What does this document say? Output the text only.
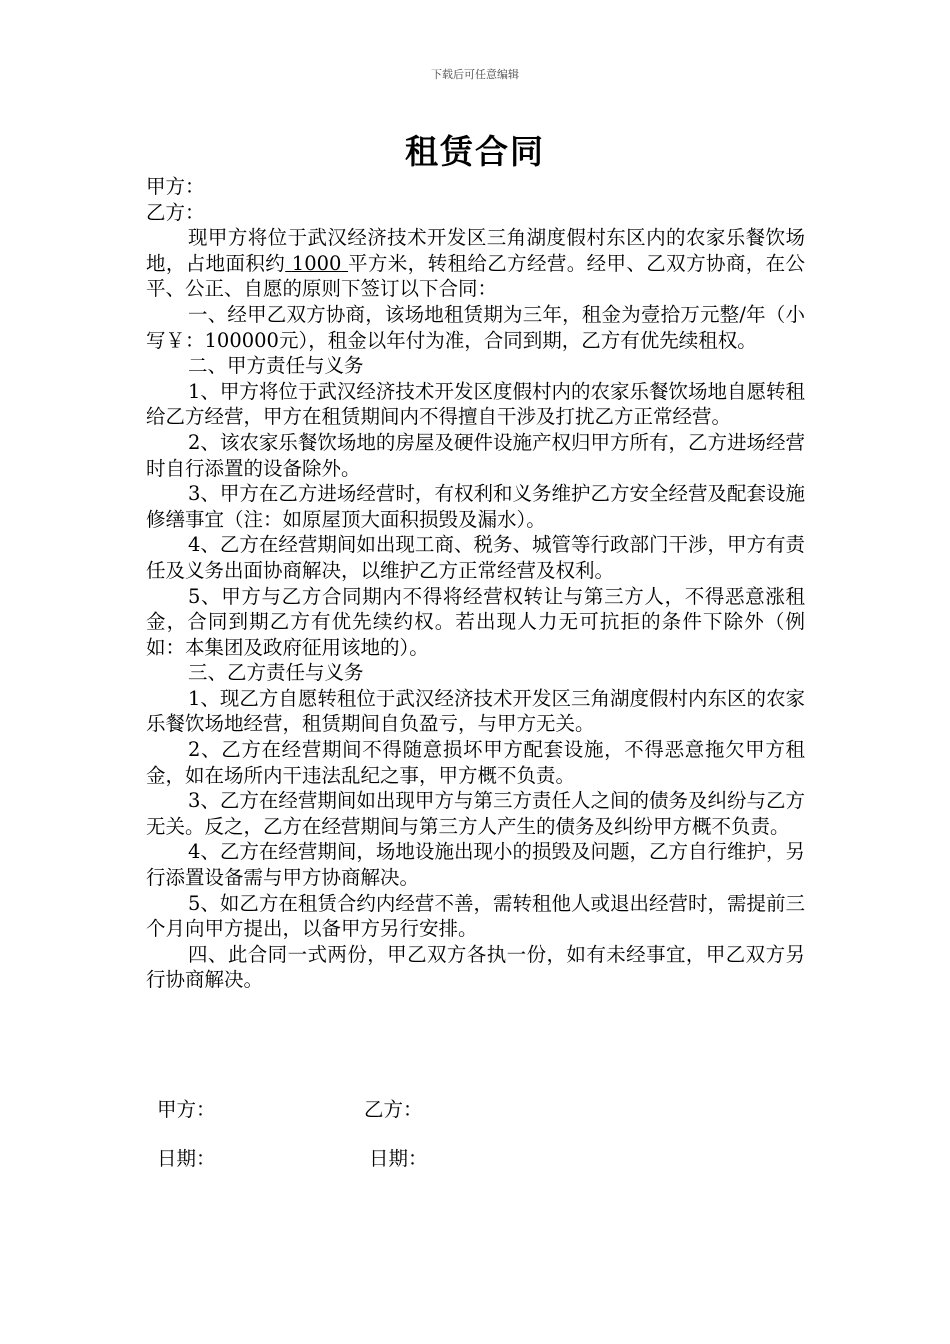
下载后可任意编辑
租赁合同

甲方：

乙方：

现甲方将位于武汉经济技术开发区三角湖度假村东区内的农家乐餐饮场地，占地面积约 1000 平方米，转租给乙方经营。经甲、乙双方协商，在公平、公正、自愿的原则下签订以下合同：

一、经甲乙双方协商，该场地租赁期为三年，租金为壹拾万元整/年（小写￥：100000元），租金以年付为准，合同到期，乙方有优先续租权。

二、甲方责任与义务

1、甲方将位于武汉经济技术开发区度假村内的农家乐餐饮场地自愿转租给乙方经营，甲方在租赁期间内不得擅自干涉及打扰乙方正常经营。

2、该农家乐餐饮场地的房屋及硬件设施产权归甲方所有，乙方进场经营时自行添置的设备除外。

3、甲方在乙方进场经营时，有权利和义务维护乙方安全经营及配套设施修缮事宜（注：如原屋顶大面积损毁及漏水）。

4、乙方在经营期间如出现工商、税务、城管等行政部门干涉，甲方有责任及义务出面协商解决，以维护乙方正常经营及权利。

5、甲方与乙方合同期内不得将经营权转让与第三方人，不得恶意涨租金，合同到期乙方有优先续约权。若出现人力无可抗拒的条件下除外（例如：本集团及政府征用该地的）。

三、乙方责任与义务

1、现乙方自愿转租位于武汉经济技术开发区三角湖度假村内东区的农家乐餐饮场地经营，租赁期间自负盈亏，与甲方无关。

2、乙方在经营期间不得随意损坏甲方配套设施，不得恶意拖欠甲方租金，如在场所内干违法乱纪之事，甲方概不负责。

3、乙方在经营期间如出现甲方与第三方责任人之间的债务及纠纷与乙方无关。反之，乙方在经营期间与第三方人产生的债务及纠纷甲方概不负责。

4、乙方在经营期间，场地设施出现小的损毁及问题，乙方自行维护，另行添置设备需与甲方协商解决。

5、如乙方在租赁合约内经营不善，需转租他人或退出经营时，需提前三个月向甲方提出，以备甲方另行安排。

四、此合同一式两份，甲乙双方各执一份，如有未经事宜，甲乙双方另行协商解决。

甲方：	乙方：
日期：	日期：
